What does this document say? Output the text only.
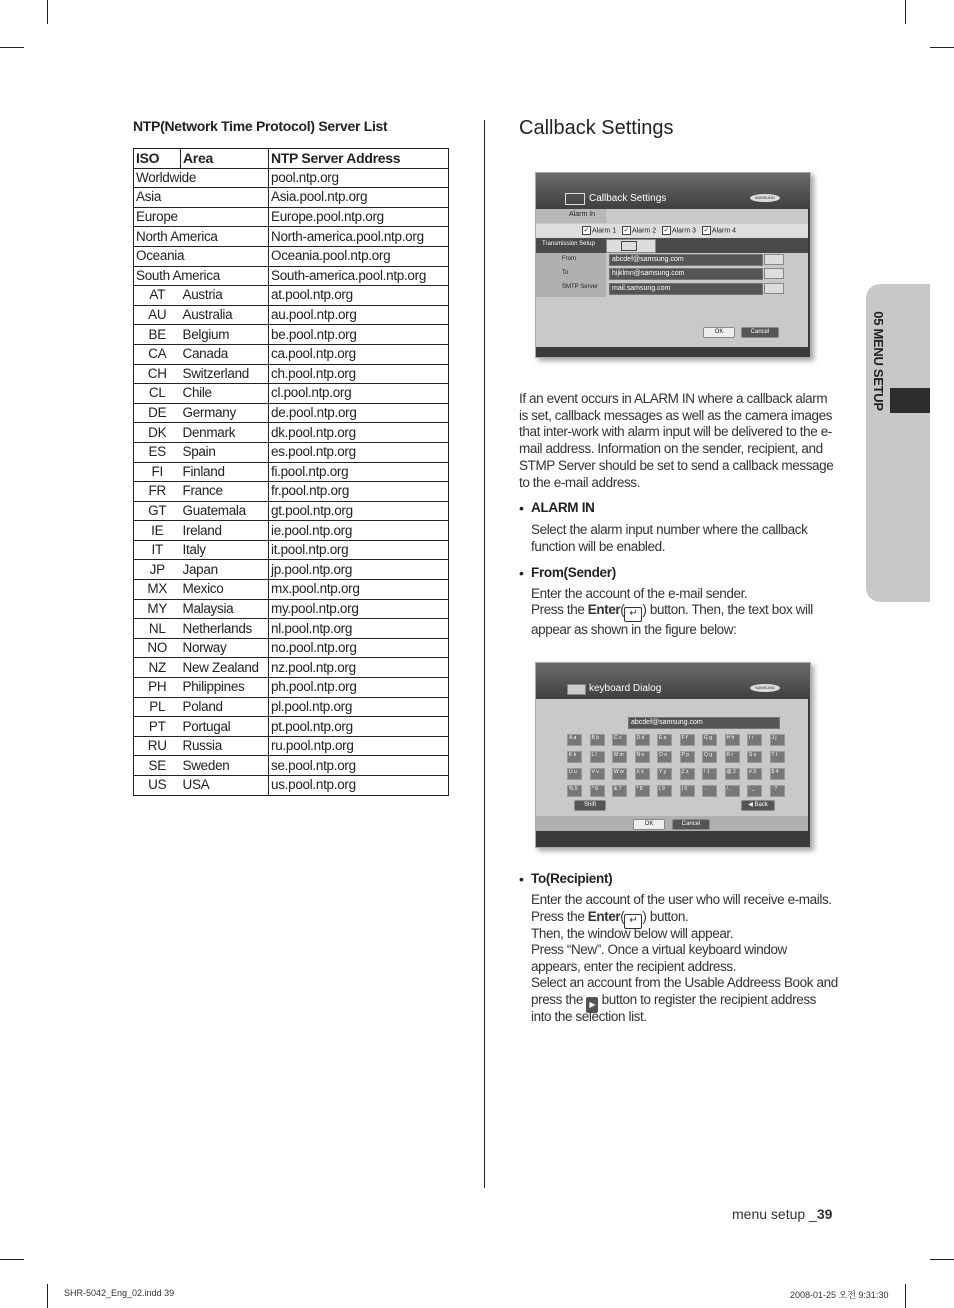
NTP(Network Time Protocol) Server List
ISO	Area	NTP Server Address
Worldwide		pool.ntp.org
Asia		Asia.pool.ntp.org
Europe		Europe.pool.ntp.org
North America		North-america.pool.ntp.org
Oceania		Oceania.pool.ntp.org
South America		South-america.pool.ntp.org
AT	Austria	at.pool.ntp.org
AU	Australia	au.pool.ntp.org
BE	Belgium	be.pool.ntp.org
CA	Canada	ca.pool.ntp.org
CH	Switzerland	ch.pool.ntp.org
CL	Chile	cl.pool.ntp.org
DE	Germany	de.pool.ntp.org
DK	Denmark	dk.pool.ntp.org
ES	Spain	es.pool.ntp.org
FI	Finland	fi.pool.ntp.org
FR	France	fr.pool.ntp.org
GT	Guatemala	gt.pool.ntp.org
IE	Ireland	ie.pool.ntp.org
IT	Italy	it.pool.ntp.org
JP	Japan	jp.pool.ntp.org
MX	Mexico	mx.pool.ntp.org
MY	Malaysia	my.pool.ntp.org
NL	Netherlands	nl.pool.ntp.org
NO	Norway	no.pool.ntp.org
NZ	New Zealand	nz.pool.ntp.org
PH	Philippines	ph.pool.ntp.org
PL	Poland	pl.pool.ntp.org
PT	Portugal	pt.pool.ntp.org
RU	Russia	ru.pool.ntp.org
SE	Sweden	se.pool.ntp.org
US	USA	us.pool.ntp.org
Callback Settings
Callback Settings	SAMSUNG
Alarm In
✓ Alarm 1 ✓ Alarm 2 ✓ Alarm 3 ✓ Alarm 4
Transmission Setup
From	abcdef@samsung.com
To	hijklmn@samsung.com
SMTP Server	mail.samsung.com
OK	Cancel
If an event occurs in ALARM IN where a callback alarm is set, callback messages as well as the camera images that inter-work with alarm input will be delivered to the e-mail address. Information on the sender, recipient, and STMP Server should be set to send a callback message to the e-mail address.
• ALARM IN
Select the alarm input number where the callback function will be enabled.
• From(Sender)
Enter the account of the e-mail sender.
Press the Enter( ↵ ) button. Then, the text box will appear as shown in the figure below:
keyboard Dialog	SAMSUNG
abcdef@samsung.com
A a	B b	C c	D d	E e	F f	G g	H h	I i	J j
K k	L l	M m	N n	O o	P p	Q q	R r	S s	T t
U u	V v	W w	X x	Y y	Z z	! 1	@ 2	# 3	$ 4
% 5	^ 6	& 7	* 8	( 9	) 0	- .	/ ,	- _	: ?
Shift	◀ Back
OK	Cancel
• To(Recipient)
Enter the account of the user who will receive e-mails.
Press the Enter( ↵ ) button.
Then, the window below will appear.
Press “New”. Once a virtual keyboard window
appears, enter the recipient address.
Select an account from the Usable Addreess Book and
press the ▶ button to register the recipient address
into the selection list.
05 MENU SETUP
menu setup _39
SHR-5042_Eng_02.indd 39	2008-01-25 오전 9:31:30
